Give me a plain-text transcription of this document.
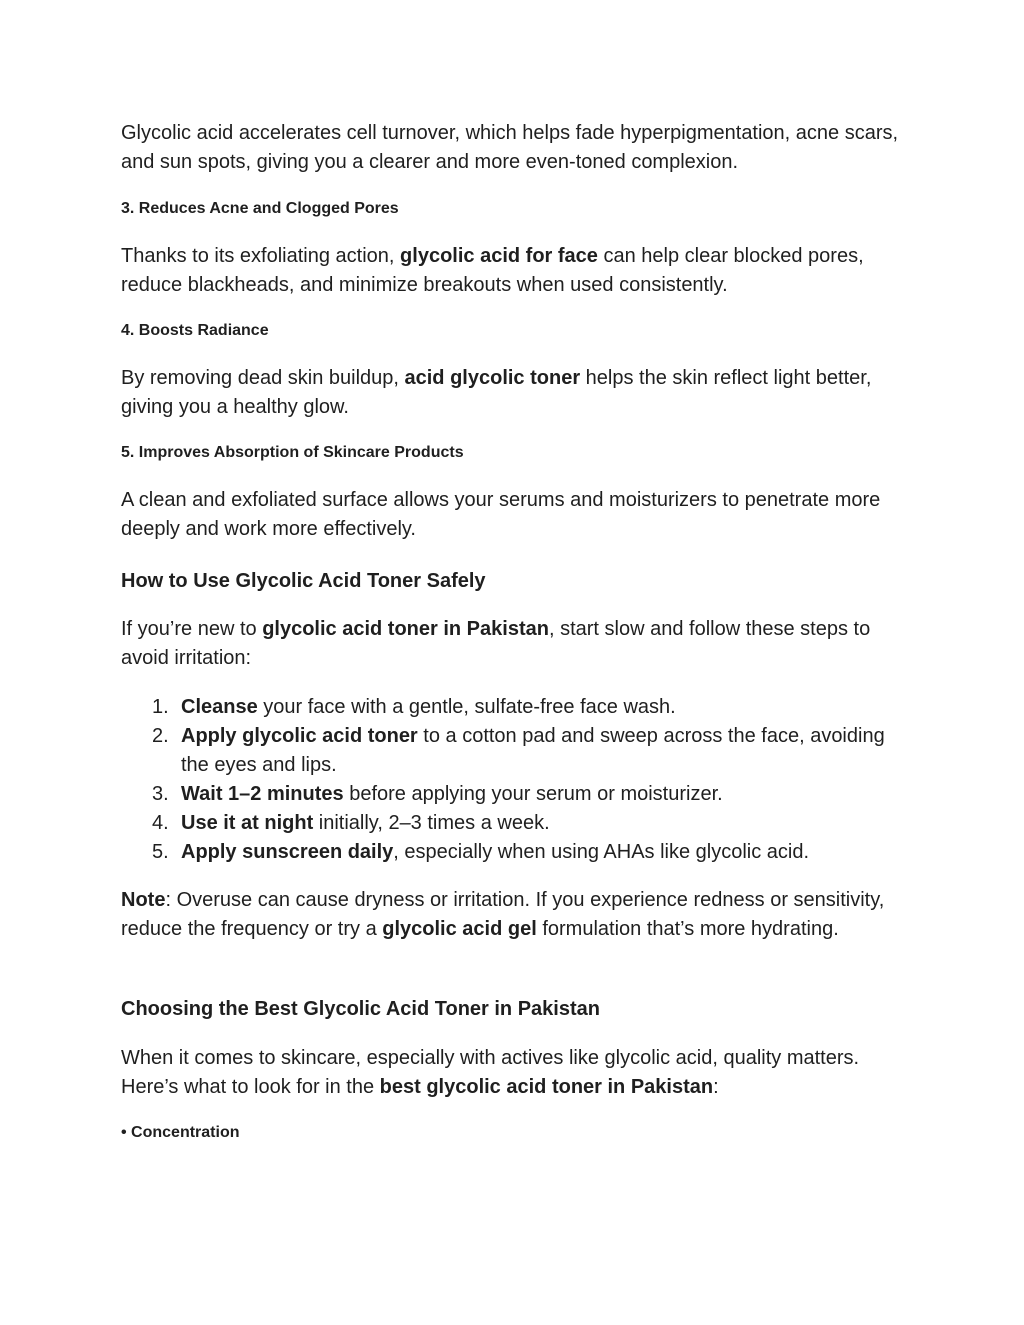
Glycolic acid accelerates cell turnover, which helps fade hyperpigmentation, acne scars, and sun spots, giving you a clearer and more even-toned complexion.

3. Reduces Acne and Clogged Pores

Thanks to its exfoliating action, glycolic acid for face can help clear blocked pores, reduce blackheads, and minimize breakouts when used consistently.

4. Boosts Radiance

By removing dead skin buildup, acid glycolic toner helps the skin reflect light better, giving you a healthy glow.

5. Improves Absorption of Skincare Products

A clean and exfoliated surface allows your serums and moisturizers to penetrate more deeply and work more effectively.

How to Use Glycolic Acid Toner Safely

If you’re new to glycolic acid toner in Pakistan, start slow and follow these steps to avoid irritation:

1. Cleanse your face with a gentle, sulfate-free face wash.
2. Apply glycolic acid toner to a cotton pad and sweep across the face, avoiding the eyes and lips.
3. Wait 1–2 minutes before applying your serum or moisturizer.
4. Use it at night initially, 2–3 times a week.
5. Apply sunscreen daily, especially when using AHAs like glycolic acid.

Note: Overuse can cause dryness or irritation. If you experience redness or sensitivity, reduce the frequency or try a glycolic acid gel formulation that’s more hydrating.

Choosing the Best Glycolic Acid Toner in Pakistan

When it comes to skincare, especially with actives like glycolic acid, quality matters. Here’s what to look for in the best glycolic acid toner in Pakistan:

• Concentration
